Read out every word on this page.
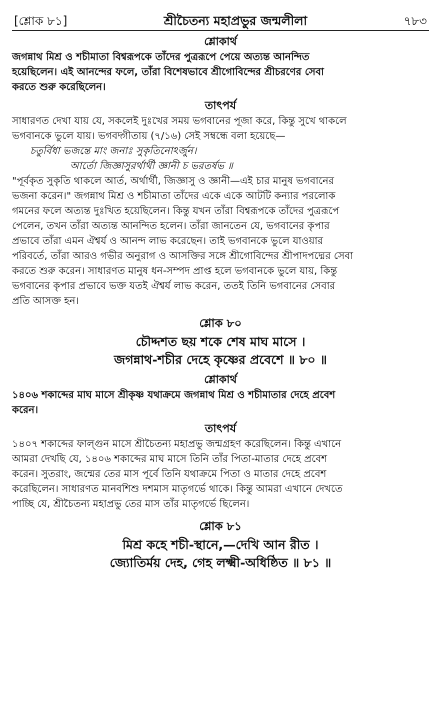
[শ্লোক ৮১]	শ্রীচৈতন্য মহাপ্রভুর জন্মলীলা	৭৮৩
শ্লোকার্থ

জগন্নাথ মিশ্র ও শচীমাতা বিশ্বরূপকে তাঁদের পুত্ররূপে পেয়ে অত্যন্ত আনন্দিত

হয়েছিলেন। এই আনন্দের ফলে, তাঁরা বিশেষভাবে শ্রীগোবিন্দের শ্রীচরণের সেবা

করতে শুরু করেছিলেন।

তাৎপর্য

সাধারণত দেখা যায় যে, সকলেই দুঃখের সময় ভগবানের পূজা করে, কিন্তু সুখে থাকলে

ভগবানকে ভুলে যায়। ভগবদ্গীতায় (৭/১৬) সেই সম্বন্ধে বলা হয়েছে—

চতুর্বিধা ভজন্তে মাং জনাঃ সুকৃতিনোঽর্জুন।
আর্তো জিজ্ঞাসুরর্থার্থী জ্ঞানী চ ভরতর্ষভ ॥

"পূর্বকৃত সুকৃতি থাকলে আর্ত, অর্থার্থী, জিজ্ঞাসু ও জ্ঞানী—এই চার মানুষ ভগবানের

ভজনা করেন।" জগন্নাথ মিশ্র ও শচীমাতা তাঁদের একে একে আটটি কন্যার পরলোক

গমনের ফলে অত্যন্ত দুঃখিত হয়েছিলেন। কিন্তু যখন তাঁরা বিশ্বরূপকে তাঁদের পুত্ররূপে

পেলেন, তখন তাঁরা অত্যন্ত আনন্দিত হলেন। তাঁরা জানতেন যে, ভগবানের কৃপার

প্রভাবে তাঁরা এমন ঐশ্বর্য ও আনন্দ লাভ করেছেন। তাই ভগবানকে ভুলে যাওয়ার

পরিবর্তে, তাঁরা আরও গভীর অনুরাগ ও আসক্তির সঙ্গে শ্রীগোবিন্দের শ্রীপাদপদ্মের সেবা

করতে শুরু করেন। সাধারণত মানুষ ধন-সম্পদ প্রাপ্ত হলে ভগবানকে ভুলে যায়, কিন্তু

ভগবানের কৃপার প্রভাবে ভক্ত যতই ঐশ্বর্য লাভ করেন, ততই তিনি ভগবানের সেবার

প্রতি আসক্ত হন।

শ্লোক ৮০
চৌদ্দশত ছয় শকে শেষ মাঘ মাসে ।
জগন্নাথ-শচীর দেহে কৃষ্ণের প্রবেশে ॥ ৮০ ॥
শ্লোকার্থ

১৪০৬ শকাব্দের মাঘ মাসে শ্রীকৃষ্ণ যথাক্রমে জগন্নাথ মিশ্র ও শচীমাতার দেহে প্রবেশ

করেন।

তাৎপর্য

১৪০৭ শকাব্দের ফাল্গুন মাসে শ্রীচৈতন্য মহাপ্রভু জন্মগ্রহণ করেছিলেন। কিন্তু এখানে

আমরা দেখছি যে, ১৪০৬ শকাব্দের মাঘ মাসে তিনি তাঁর পিতা-মাতার দেহে প্রবেশ

করেন। সুতরাং, জন্মের তের মাস পূর্বে তিনি যথাক্রমে পিতা ও মাতার দেহে প্রবেশ

করেছিলেন। সাধারণত মানবশিশু দশমাস মাতৃগর্ভে থাকে। কিন্তু আমরা এখানে দেখতে

পাচ্ছি যে, শ্রীচৈতন্য মহাপ্রভু তের মাস তাঁর মাতৃগর্ভে ছিলেন।

শ্লোক ৮১
মিশ্র কহে শচী-স্থানে,—দেখি আন রীত ।
জ্যোতির্ময় দেহ, গেহ লক্ষ্মী-অধিষ্ঠিত ॥ ৮১ ॥
